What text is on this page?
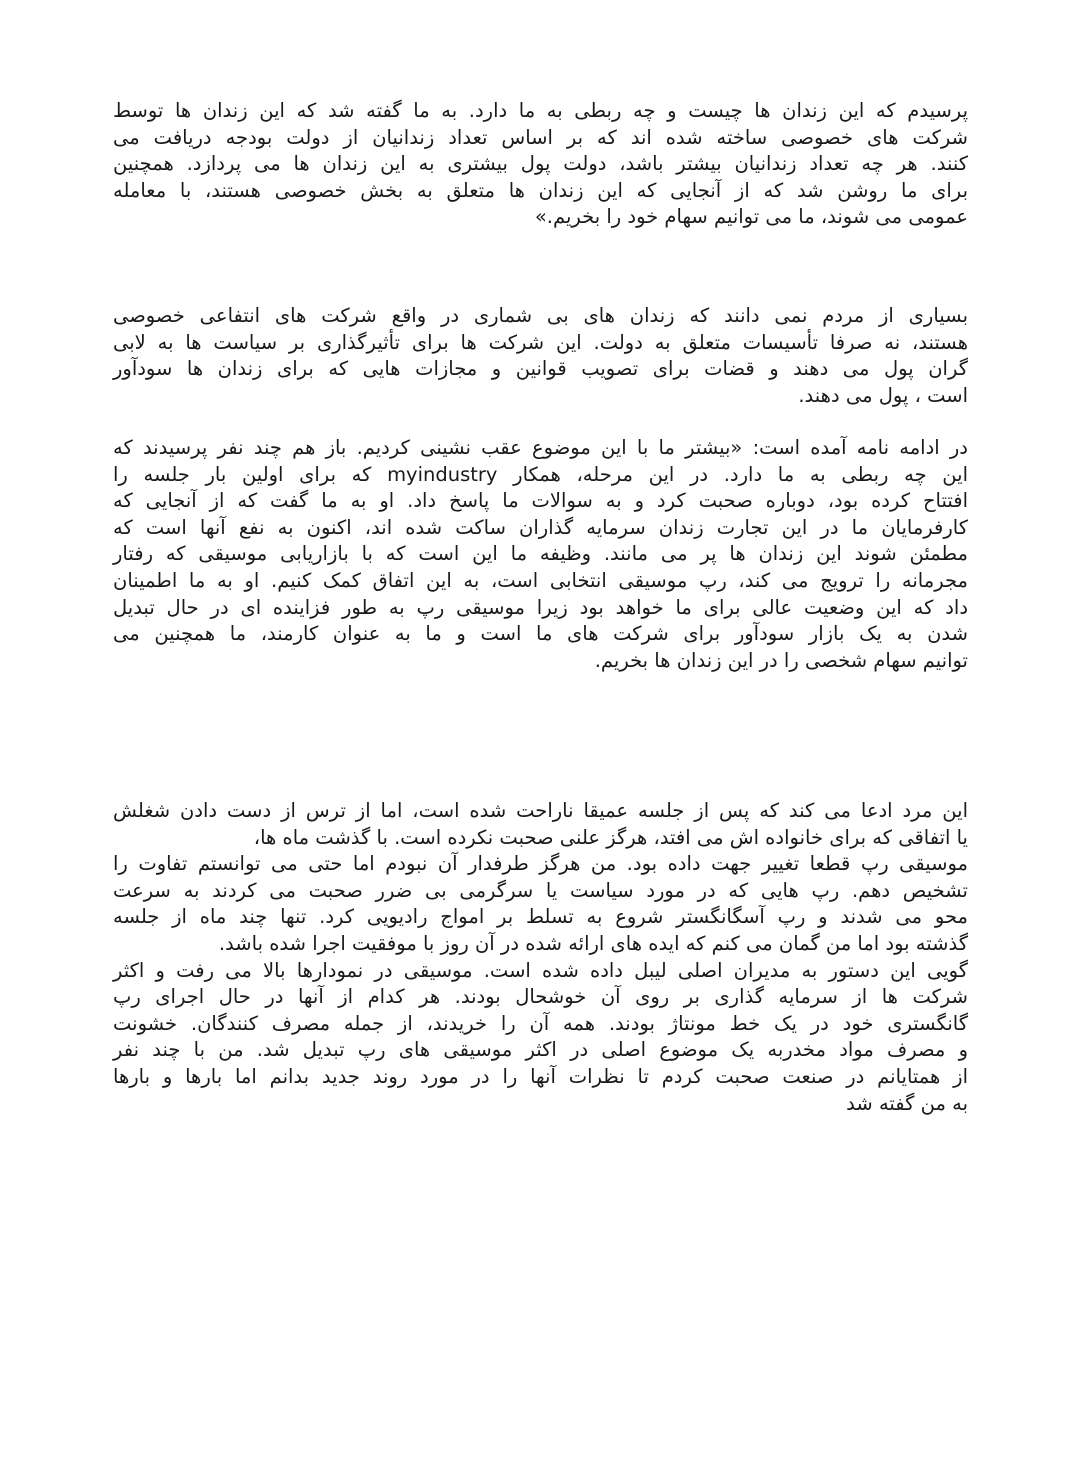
پرسیدم که این زندان ها چیست و چه ربطی به ما دارد. به ما گفته شد که این زندان ها توسط
شرکت های خصوصی ساخته شده اند که بر اساس تعداد زندانیان از دولت بودجه دریافت می
کنند. هر چه تعداد زندانیان بیشتر باشد، دولت پول بیشتری به این زندان ها می پردازد. همچنین
برای ما روشن شد که از آنجایی که این زندان ها متعلق به بخش خصوصی هستند، با معامله
عمومی می شوند، ما می توانیم سهام خود را بخریم.»
بسیاری از مردم نمی دانند که زندان های بی شماری در واقع شرکت های انتفاعی خصوصی
هستند، نه صرفا تأسیسات متعلق به دولت. این شرکت ها برای تأثیرگذاری بر سیاست ها به لابی
گران پول می دهند و قضات برای تصویب قوانین و مجازات هایی که برای زندان ها سودآور
است ، پول می دهند.
در ادامه نامه آمده است: «بیشتر ما با این موضوع عقب نشینی کردیم. باز هم چند نفر پرسیدند که
این چه ربطی به ما دارد. در این مرحله، همکار myindustry که برای اولین بار جلسه را
افتتاح کرده بود، دوباره صحبت کرد و به سوالات ما پاسخ داد. او به ما گفت که از آنجایی که
کارفرمایان ما در این تجارت زندان سرمایه گذاران ساکت شده اند، اکنون به نفع آنها است که
مطمئن شوند این زندان ها پر می مانند. وظیفه ما این است که با بازاریابی موسیقی که رفتار
مجرمانه را ترویج می کند، رپ موسیقی انتخابی است، به این اتفاق کمک کنیم. او به ما اطمینان
داد که این وضعیت عالی برای ما خواهد بود زیرا موسیقی رپ به طور فزاینده ای در حال تبدیل
شدن به یک بازار سودآور برای شرکت های ما است و ما به عنوان کارمند، ما همچنین می
توانیم سهام شخصی را در این زندان ها بخریم.
این مرد ادعا می کند که پس از جلسه عمیقا ناراحت شده است، اما از ترس از دست دادن شغلش
یا اتفاقی که برای خانواده اش می افتد، هرگز علنی صحبت نکرده است. با گذشت ماه ها،
موسیقی رپ قطعا تغییر جهت داده بود. من هرگز طرفدار آن نبودم اما حتی می توانستم تفاوت را
تشخیص دهم. رپ هایی که در مورد سیاست یا سرگرمی بی ضرر صحبت می کردند به سرعت
محو می شدند و رپ آسگانگستر شروع به تسلط بر امواج رادیویی کرد. تنها چند ماه از جلسه
گذشته بود اما من گمان می کنم که ایده های ارائه شده در آن روز با موفقیت اجرا شده باشد.
گویی این دستور به مدیران اصلی لیبل داده شده است. موسیقی در نمودارها بالا می رفت و اکثر
شرکت ها از سرمایه گذاری بر روی آن خوشحال بودند. هر کدام از آنها در حال اجرای رپ
گانگستری خود در یک خط مونتاژ بودند. همه آن را خریدند، از جمله مصرف کنندگان. خشونت
و مصرف مواد مخدربه یک موضوع اصلی در اکثر موسیقی های رپ تبدیل شد. من با چند نفر
از همتایانم در صنعت صحبت کردم تا نظرات آنها را در مورد روند جدید بدانم اما بارها و بارها
به من گفته شد
